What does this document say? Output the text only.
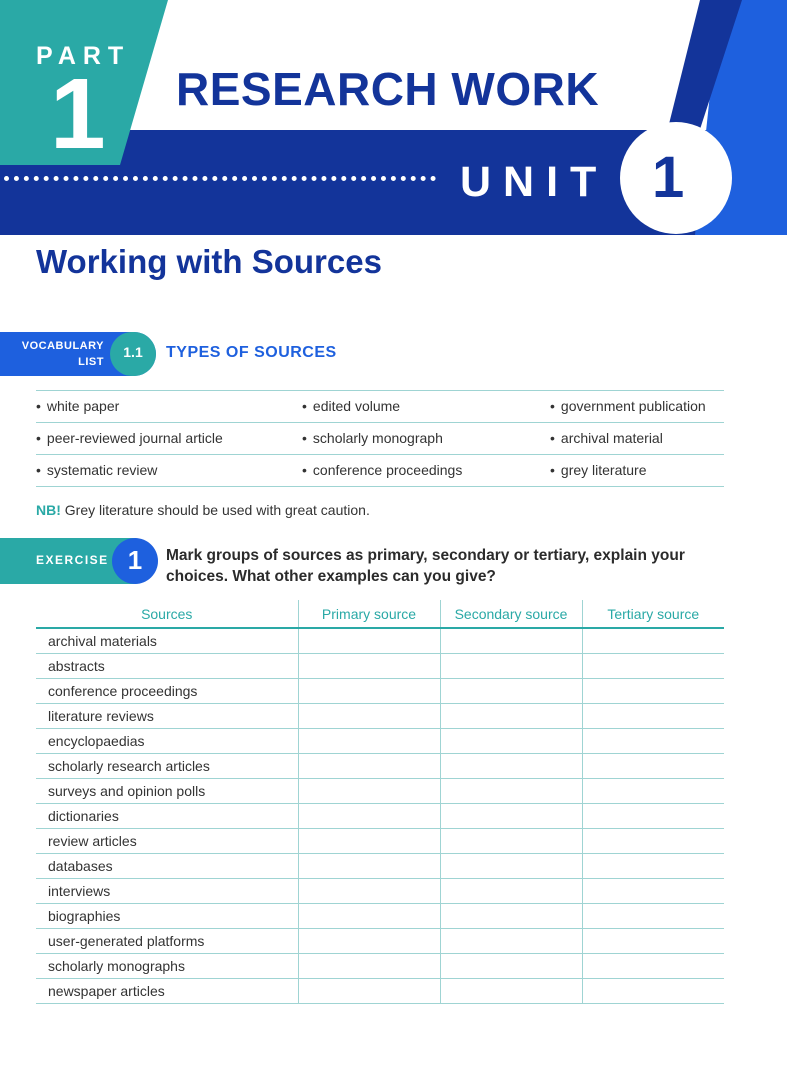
PART
1 RESEARCH WORK
UNIT 1
Working with Sources
VOCABULARY
LIST
1.1	TYPES OF SOURCES
• white paper	• edited volume	• government publication
• peer-reviewed journal article	• scholarly monograph	• archival material
• systematic review	• conference proceedings	• grey literature
NB! Grey literature should be used with great caution.
EXERCISE 1	Mark groups of sources as primary, secondary or tertiary, explain your choices. What other examples can you give?
Sources	Primary source	Secondary source	Tertiary source
archival materials			
abstracts			
conference proceedings			
literature reviews			
encyclopaedias			
scholarly research articles			
surveys and opinion polls			
dictionaries			
review articles			
databases			
interviews			
biographies			
user-generated platforms			
scholarly monographs			
newspaper articles			
